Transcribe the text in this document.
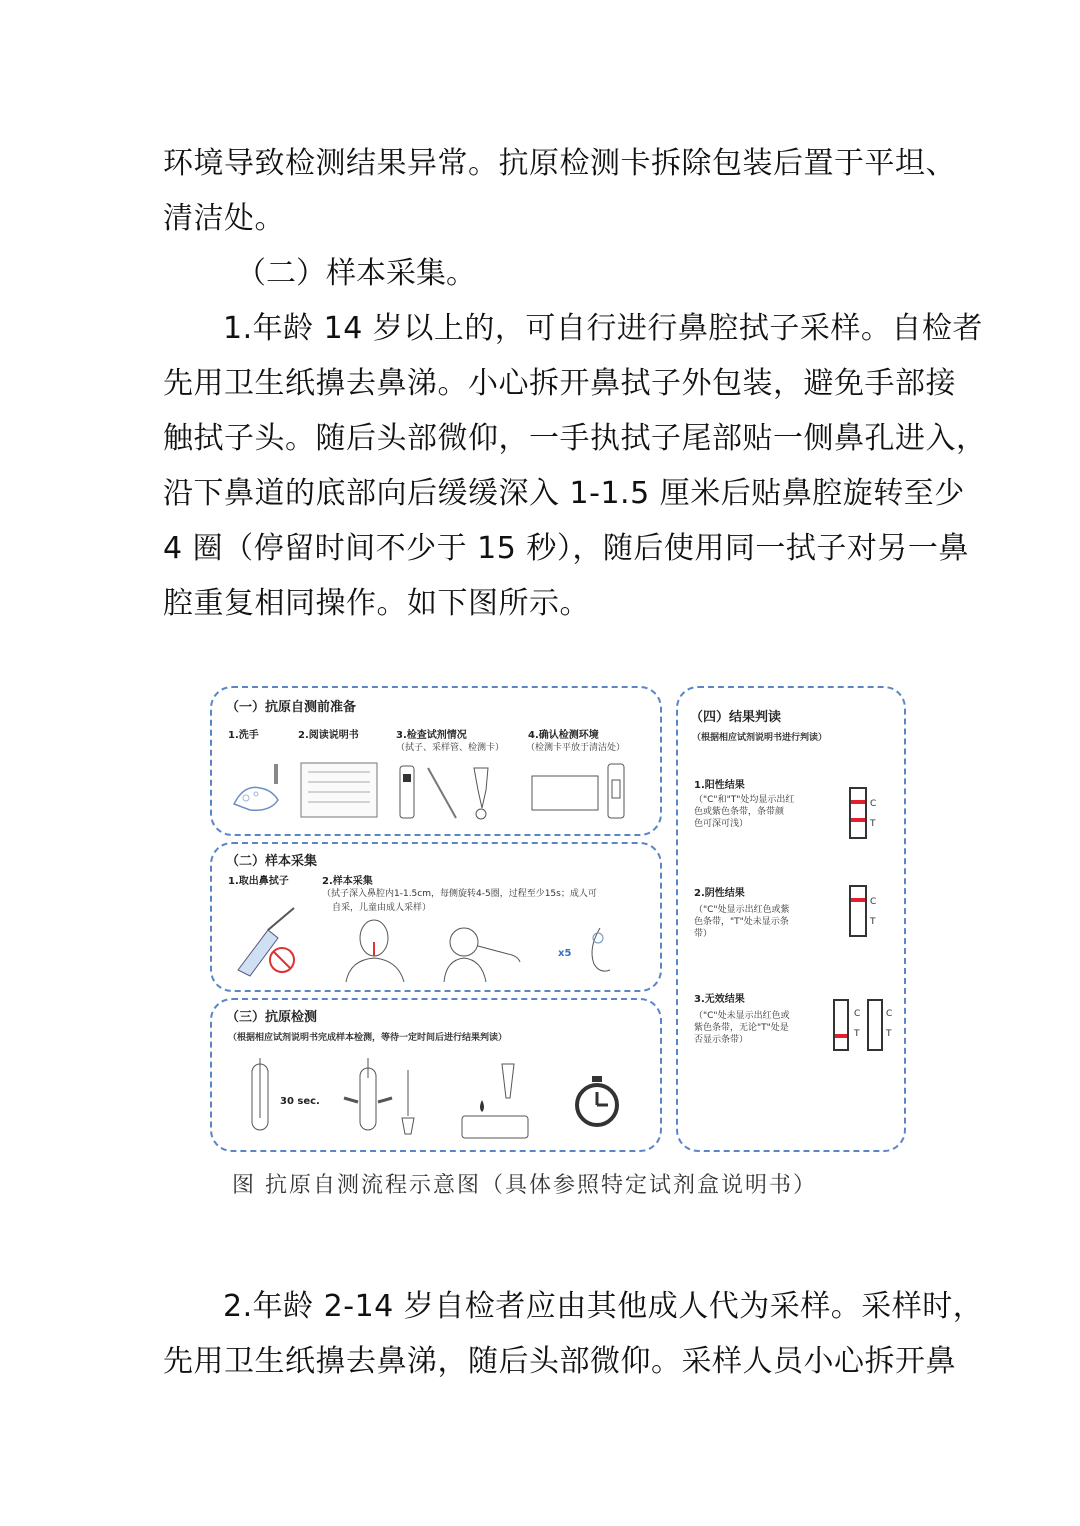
环境导致检测结果异常。抗原检测卡拆除包装后置于平坦、
清洁处。
（二）样本采集。
1.年龄 14 岁以上的，可自行进行鼻腔拭子采样。自检者
先用卫生纸擤去鼻涕。小心拆开鼻拭子外包装，避免手部接
触拭子头。随后头部微仰，一手执拭子尾部贴一侧鼻孔进入，
沿下鼻道的底部向后缓缓深入 1-1.5 厘米后贴鼻腔旋转至少
4 圈（停留时间不少于 15 秒），随后使用同一拭子对另一鼻
腔重复相同操作。如下图所示。
（一）抗原自测前准备
1.洗手	2.阅读说明书	3.检查试剂情况
（拭子、采样管、检测卡）
4.确认检测环境
（检测卡平放于清洁处）
（二）样本采集
1.取出鼻拭子	2.样本采集
（拭子深入鼻腔内1-1.5cm，每侧旋转4-5圈，过程至少15s；成人可
自采，儿童由成人采样）
x5
（三）抗原检测
（根据相应试剂说明书完成样本检测，等待一定时间后进行结果判读）
30 sec.
（四）结果判读
（根据相应试剂说明书进行判读）
1.阳性结果
（"C"和"T"处均显示出红
色或紫色条带，条带颜
色可深可浅）
C
T
2.阴性结果
（"C"处显示出红色或紫
色条带，"T"处未显示条
带）
C
T
3.无效结果
（"C"处未显示出红色或
紫色条带，无论"T"处是
否显示条带）
C
T
C
T
图 抗原自测流程示意图（具体参照特定试剂盒说明书）
2.年龄 2-14 岁自检者应由其他成人代为采样。采样时，
先用卫生纸擤去鼻涕，随后头部微仰。采样人员小心拆开鼻
